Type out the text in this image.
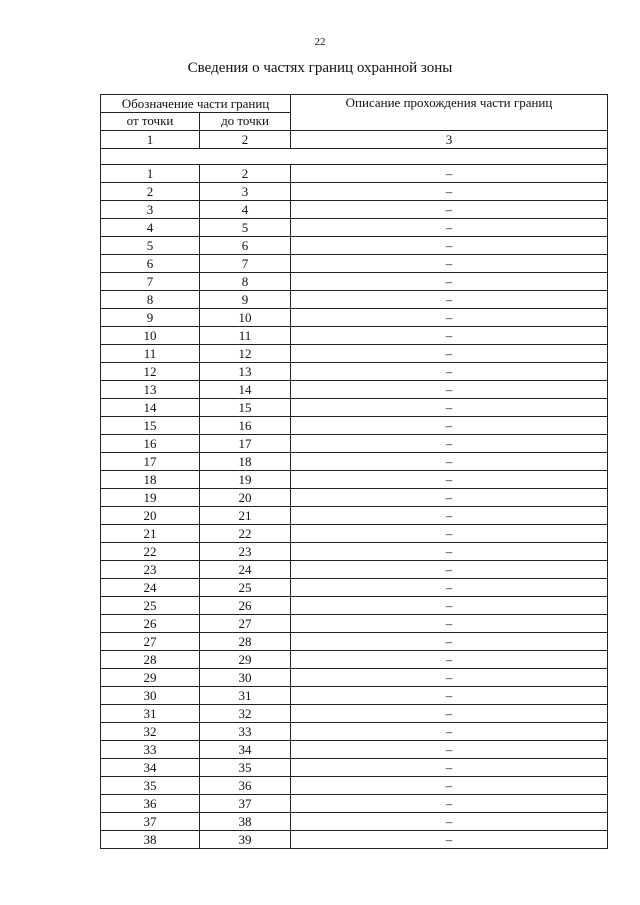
22
Сведения о частях границ охранной зоны
Обозначение части границ		Описание прохождения части границ
от точки	до точки	
1	2	3

1	2	–
2	3	–
3	4	–
4	5	–
5	6	–
6	7	–
7	8	–
8	9	–
9	10	–
10	11	–
11	12	–
12	13	–
13	14	–
14	15	–
15	16	–
16	17	–
17	18	–
18	19	–
19	20	–
20	21	–
21	22	–
22	23	–
23	24	–
24	25	–
25	26	–
26	27	–
27	28	–
28	29	–
29	30	–
30	31	–
31	32	–
32	33	–
33	34	–
34	35	–
35	36	–
36	37	–
37	38	–
38	39	–
